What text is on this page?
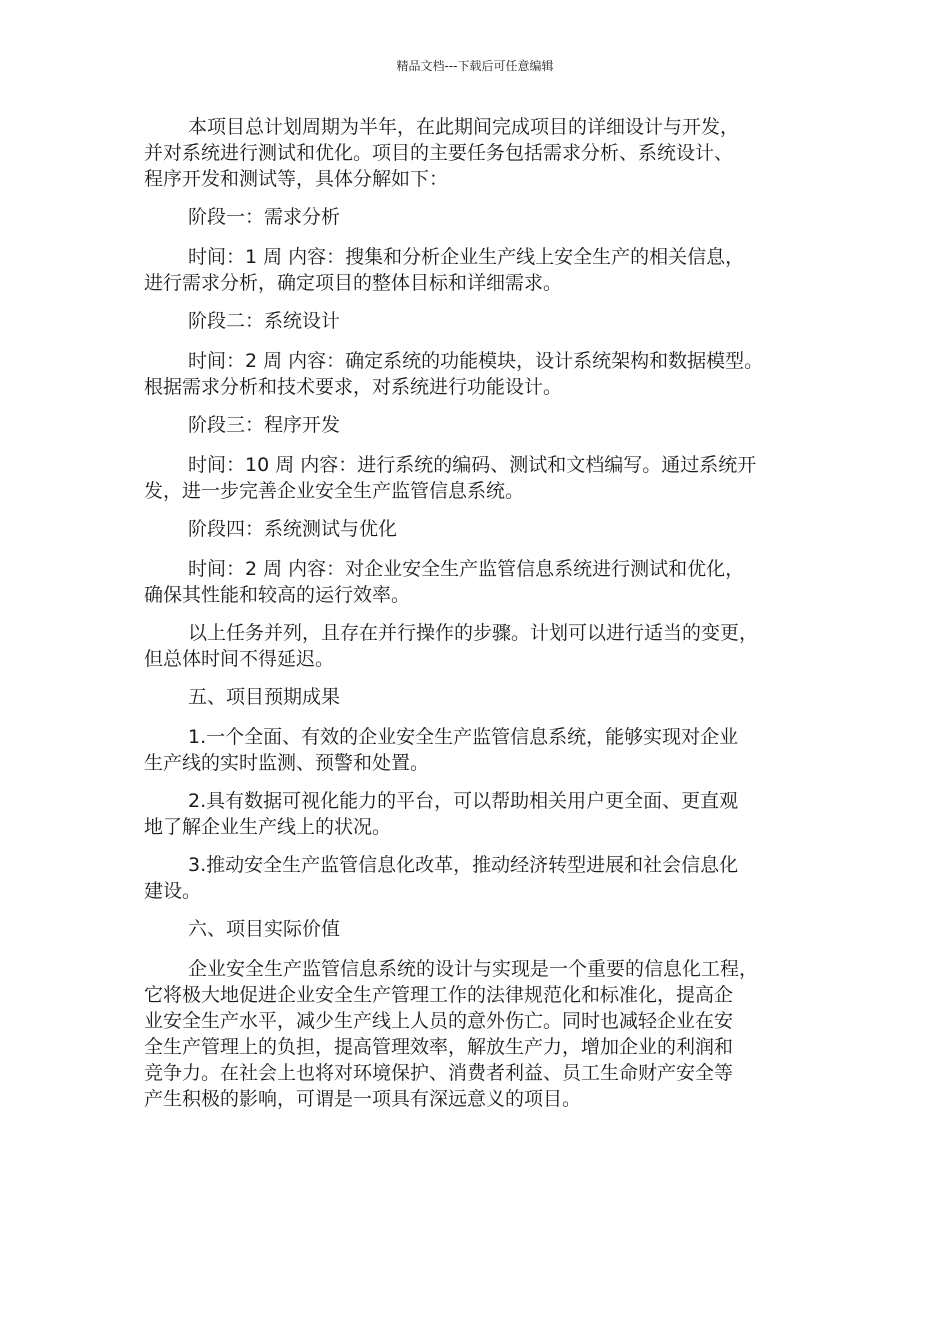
精品文档---下载后可任意编辑
本项目总计划周期为半年，在此期间完成项目的详细设计与开发，
并对系统进行测试和优化。项目的主要任务包括需求分析、系统设计、
程序开发和测试等，具体分解如下：
阶段一：需求分析
时间：1 周 内容：搜集和分析企业生产线上安全生产的相关信息，
进行需求分析，确定项目的整体目标和详细需求。
阶段二：系统设计
时间：2 周 内容：确定系统的功能模块，设计系统架构和数据模型。
根据需求分析和技术要求，对系统进行功能设计。
阶段三：程序开发
时间：10 周 内容：进行系统的编码、测试和文档编写。通过系统开
发，进一步完善企业安全生产监管信息系统。
阶段四：系统测试与优化
时间：2 周 内容：对企业安全生产监管信息系统进行测试和优化，
确保其性能和较高的运行效率。
以上任务并列，且存在并行操作的步骤。计划可以进行适当的变更，
但总体时间不得延迟。
五、项目预期成果
1.一个全面、有效的企业安全生产监管信息系统，能够实现对企业
生产线的实时监测、预警和处置。
2.具有数据可视化能力的平台，可以帮助相关用户更全面、更直观
地了解企业生产线上的状况。
3.推动安全生产监管信息化改革，推动经济转型进展和社会信息化
建设。
六、项目实际价值
企业安全生产监管信息系统的设计与实现是一个重要的信息化工程，
它将极大地促进企业安全生产管理工作的法律规范化和标准化，提高企
业安全生产水平，减少生产线上人员的意外伤亡。同时也减轻企业在安
全生产管理上的负担，提高管理效率，解放生产力，增加企业的利润和
竞争力。在社会上也将对环境保护、消费者利益、员工生命财产安全等
产生积极的影响，可谓是一项具有深远意义的项目。
